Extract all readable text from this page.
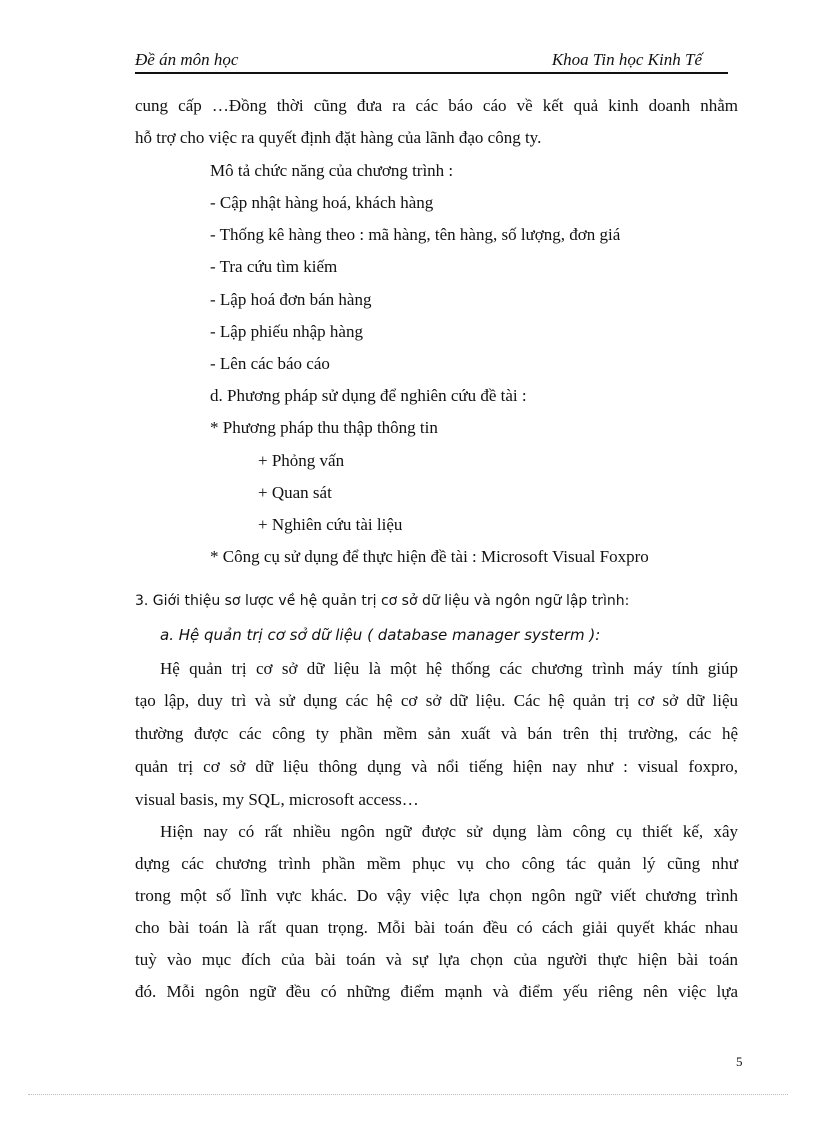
Đề án môn học	Khoa Tin học Kinh Tế
cung cấp …Đồng thời cũng đưa ra các báo cáo về kết quả kinh doanh nhằm
hỗ trợ cho việc ra quyết định đặt hàng của lãnh đạo công ty.
Mô tả chức năng của chương trình :
- Cập nhật hàng hoá, khách hàng
- Thống kê hàng theo : mã hàng, tên hàng, số lượng, đơn giá
- Tra cứu tìm kiếm
- Lập hoá đơn bán hàng
- Lập phiếu nhập hàng
- Lên các báo cáo
d. Phương pháp sử dụng để nghiên cứu đề tài :
* Phương pháp thu thập thông tin
+ Phỏng vấn
+ Quan sát
+ Nghiên cứu tài liệu
* Công cụ sử dụng để thực hiện đề tài : Microsoft Visual Foxpro
3. Giới thiệu sơ lược về hệ quản trị cơ sở dữ liệu và ngôn ngữ lập trình:
a. Hệ quản trị cơ sở dữ liệu ( database manager systerm ):
Hệ quản trị cơ sở dữ liệu là một hệ thống các chương trình máy tính giúp
tạo lập, duy trì và sử dụng các hệ cơ sở dữ liệu. Các hệ quản trị cơ sở dữ liệu
thường được các công ty phần mềm sản xuất và bán trên thị trường, các hệ
quản trị cơ sở dữ liệu thông dụng và nổi tiếng hiện nay như : visual foxpro,
visual basis, my SQL, microsoft access…
Hiện nay có rất nhiều ngôn ngữ được sử dụng làm công cụ thiết kế, xây
dựng các chương trình phần mềm phục vụ cho công tác quản lý cũng như
trong một số lĩnh vực khác. Do vậy việc lựa chọn ngôn ngữ viết chương trình
cho bài toán là rất quan trọng. Mỗi bài toán đều có cách giải quyết khác nhau
tuỳ vào mục đích của bài toán và sự lựa chọn của người thực hiện bài toán
đó. Mỗi ngôn ngữ đều có những điểm mạnh và điểm yếu riêng nên việc lựa
5
